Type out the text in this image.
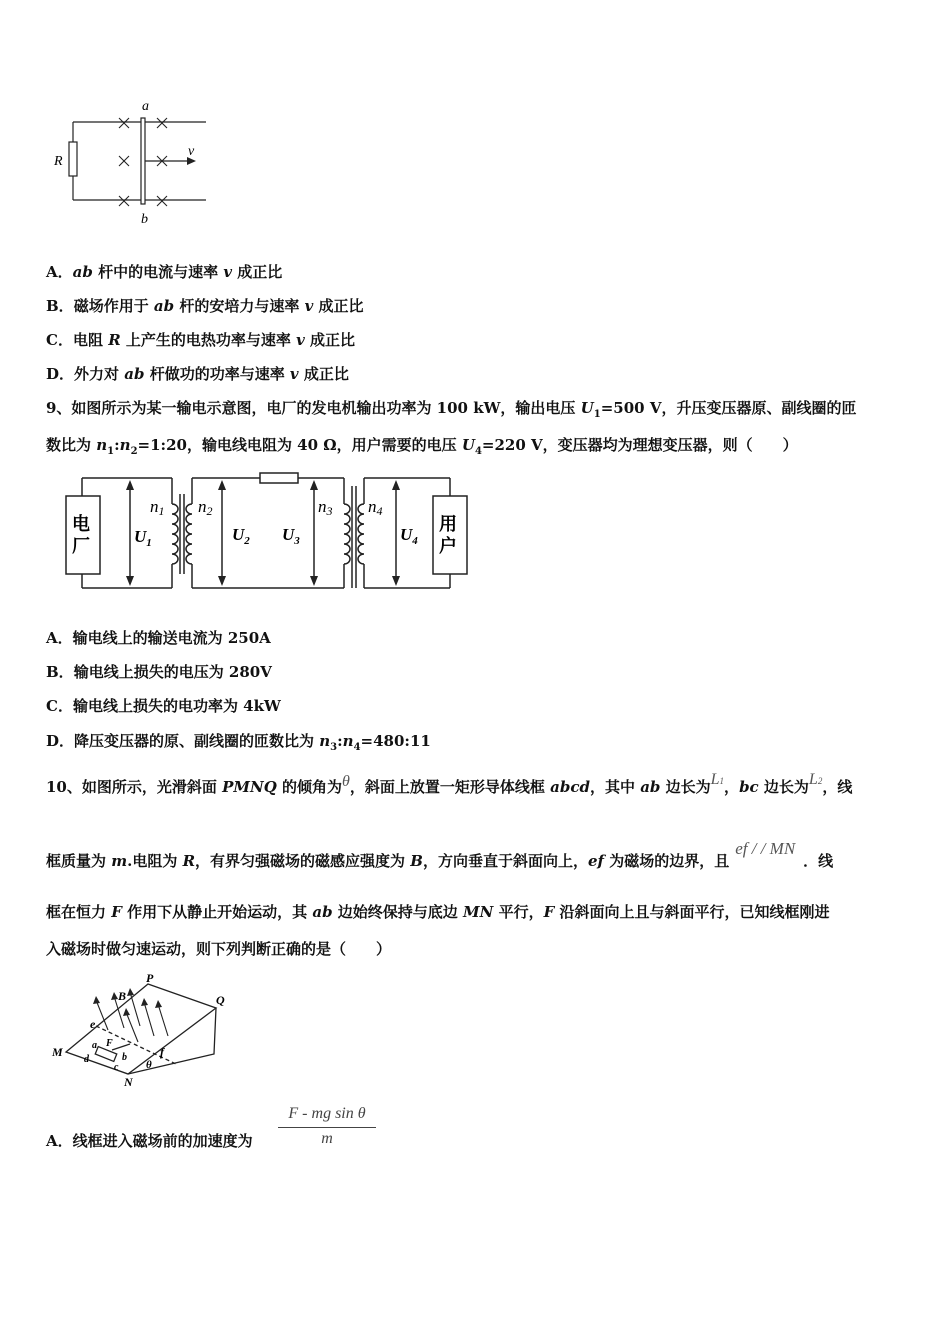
a
b
R
v
A．ab 杆中的电流与速率 v 成正比
B．磁场作用于 ab 杆的安培力与速率 v 成正比
C．电阻 R 上产生的电热功率与速率 v 成正比
D．外力对 ab 杆做功的功率与速率 v 成正比
9、如图所示为某一输电示意图，电厂的发电机输出功率为 100 kW，输出电压 $U_1=500$ V，升压变压器原、副线圈的匝
数比为 $n_1:n_2=1:20$，输电线电阻为 40 Ω，用户需要的电压 $U_4=220$ V，变压器均为理想变压器，则（　　）
电
厂
用
户
$U_1$	$U_2$ $U_3$	$U_4$
n1 n2	n3 n4
A．输电线上的输送电流为 250A
B．输电线上损失的电压为 280V
C．输电线上损失的电功率为 4kW
D．降压变压器的原、副线圈的匝数比为 $n_3:n_4=480:11$
10、如图所示，光滑斜面 PMNQ 的倾角为θ，斜面上放置一矩形导体线框 abcd，其中 ab 边长为L1，bc 边长为L2，线
框质量为 m.电阻为 R，有界匀强磁场的磁感应强度为 B，方向垂直于斜面向上，ef 为磁场的边界，且ef / / MN．线
框在恒力 F 作用下从静止开始运动，其 ab 边始终保持与底边 MN 平行，F 沿斜面向上且与斜面平行，已知线框刚进
入磁场时做匀速运动，则下列判断正确的是（　　）
P
Q
M
N
B
e
f
a
b
c
d
F
θ
A．线框进入磁场前的加速度为 $\frac{\text{F - mg sin θ}}{m}$
